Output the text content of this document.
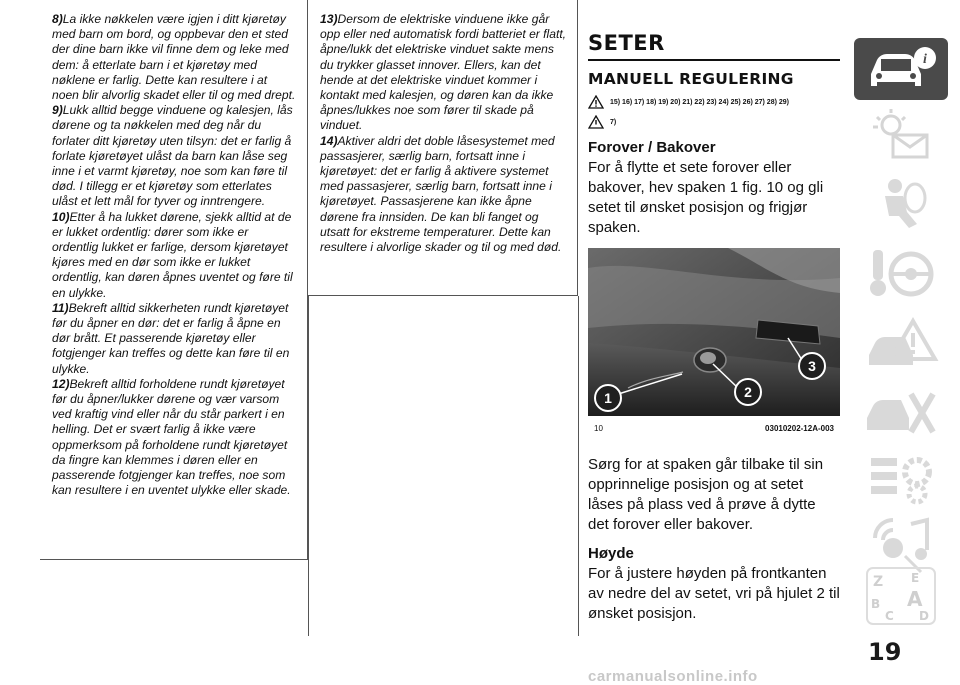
8)La ikke nøkkelen være igjen i ditt kjøretøy med barn om bord, og oppbevar den et sted der dine barn ikke vil finne dem og leke med dem: å etterlate barn i et kjøretøy med nøklene er farlig. Dette kan resultere i at noen blir alvorlig skadet eller til og med drept.

9)Lukk alltid begge vinduene og kalesjen, lås dørene og ta nøkkelen med deg når du forlater ditt kjøretøy uten tilsyn: det er farlig å forlate kjøretøyet ulåst da barn kan låse seg inne i et varmt kjøretøy, noe som kan føre til død. I tillegg er et kjøretøy som etterlates ulåst et lett mål for tyver og inntrengere.

10)Etter å ha lukket dørene, sjekk alltid at de er lukket ordentlig: dører som ikke er ordentlig lukket er farlige, dersom kjøretøyet kjøres med en dør som ikke er lukket ordentlig, kan døren åpnes uventet og føre til en ulykke.

11)Bekreft alltid sikkerheten rundt kjøretøyet før du åpner en dør: det er farlig å åpne en dør brått. Et passerende kjøretøy eller fotgjenger kan treffes og dette kan føre til en ulykke.

12)Bekreft alltid forholdene rundt kjøretøyet før du åpner/lukker dørene og vær varsom ved kraftig vind eller når du står parkert i en helling. Det er svært farlig å ikke være oppmerksom på forholdene rundt kjøretøyet da fingre kan klemmes i døren eller en passerende fotgjenger kan treffes, noe som kan resultere i en uventet ulykke eller skade.

13)Dersom de elektriske vinduene ikke går opp eller ned automatisk fordi batteriet er flatt, åpne/lukk det elektriske vinduet sakte mens du trykker glasset innover. Ellers, kan det hende at det elektriske vinduet kommer i kontakt med kalesjen, og døren kan da ikke åpnes/lukkes noe som fører til skade på vinduet.

14)Aktiver aldri det doble låsesystemet med passasjerer, særlig barn, fortsatt inne i kjøretøyet: det er farlig å aktivere systemet med passasjerer, særlig barn, fortsatt inne i kjøretøyet. Passasjerene kan ikke åpne dørene fra innsiden. De kan bli fanget og utsatt for ekstreme temperaturer. Dette kan resultere i alvorlige skader og til og med død.

SETER
MANUELL REGULERING
15) 16) 17) 18) 19) 20) 21) 22) 23) 24) 25) 26) 27) 28) 29)
7)
Forover / Bakover

For å flytte et sete forover eller bakover, hev spaken 1 fig. 10 og gli setet til ønsket posisjon og frigjør spaken.

1	2
3
10	03010202-12A-003

Sørg for at spaken går tilbake til sin opprinnelige posisjon og at setet låses på plass ved å prøve å dytte det forover eller bakover.

Høyde

For å justere høyden på frontkanten av nedre del av setet, vri på hjulet 2 til ønsket posisjon.

i
Z E
B A
C D
19
carmanualsonline.info
